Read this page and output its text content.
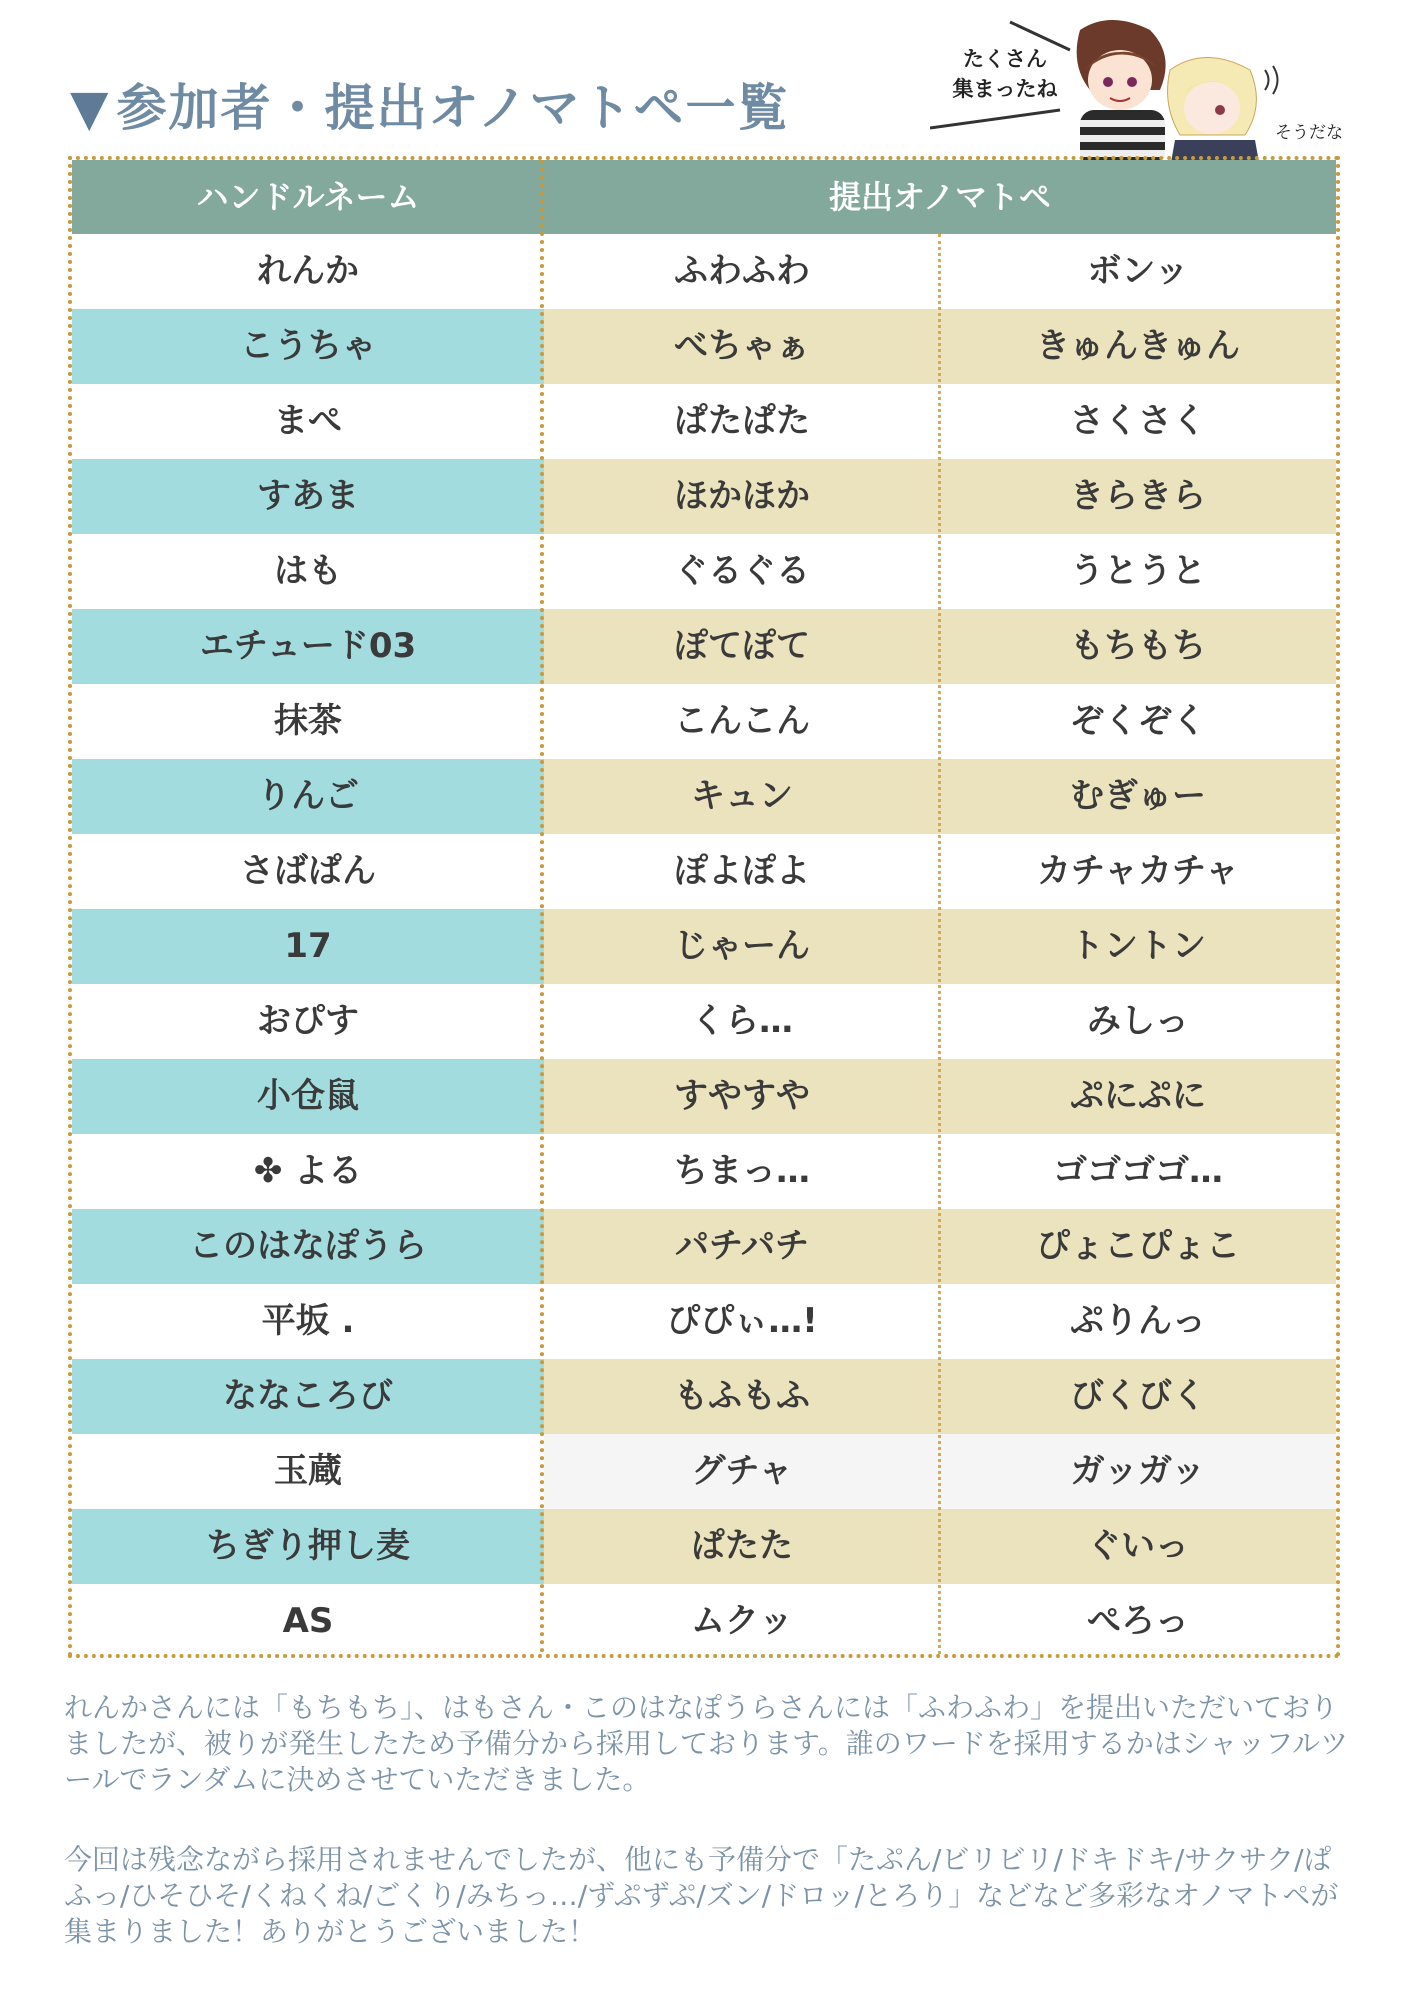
▼ 参加者・提出オノマトペ一覧
たくさん
集まったね
そうだな
ハンドルネーム	提出オノマトペ
れんか	ふわふわ	ボンッ
こうちゃ	べちゃぁ	きゅんきゅん
まぺ	ぱたぱた	さくさく
すあま	ほかほか	きらきら
はも	ぐるぐる	うとうと
エチュード03	ぽてぽて	もちもち
抹茶	こんこん	ぞくぞく
りんご	キュン	むぎゅー
さばぱん	ぽよぽよ	カチャカチャ
17	じゃーん	トントン
おぴす	くら…	みしっ
小仓鼠	すやすや	ぷにぷに
✤ よる	ちまっ…	ゴゴゴゴ…
このはなぽうら	パチパチ	ぴょこぴょこ
平坂 .	ぴぴぃ…!	ぷりんっ
ななころび	もふもふ	びくびく
玉蔵	グチャ	ガッガッ
ちぎり押し麦	ぱたた	ぐいっ
AS	ムクッ	ぺろっ
れんかさんには「もちもち」、はもさん・このはなぽうらさんには「ふわふわ」を提出いただいておりましたが、被りが発生したため予備分から採用しております。誰のワードを採用するかはシャッフルツールでランダムに決めさせていただきました。
今回は残念ながら採用されませんでしたが、他にも予備分で「たぷん/ビリビリ/ドキドキ/サクサク/ぱふっ/ひそひそ/くねくね/ごくり/みちっ…/ずぷずぷ/ズン/ドロッ/とろり」などなど多彩なオノマトペが集まりました！ありがとうございました！
